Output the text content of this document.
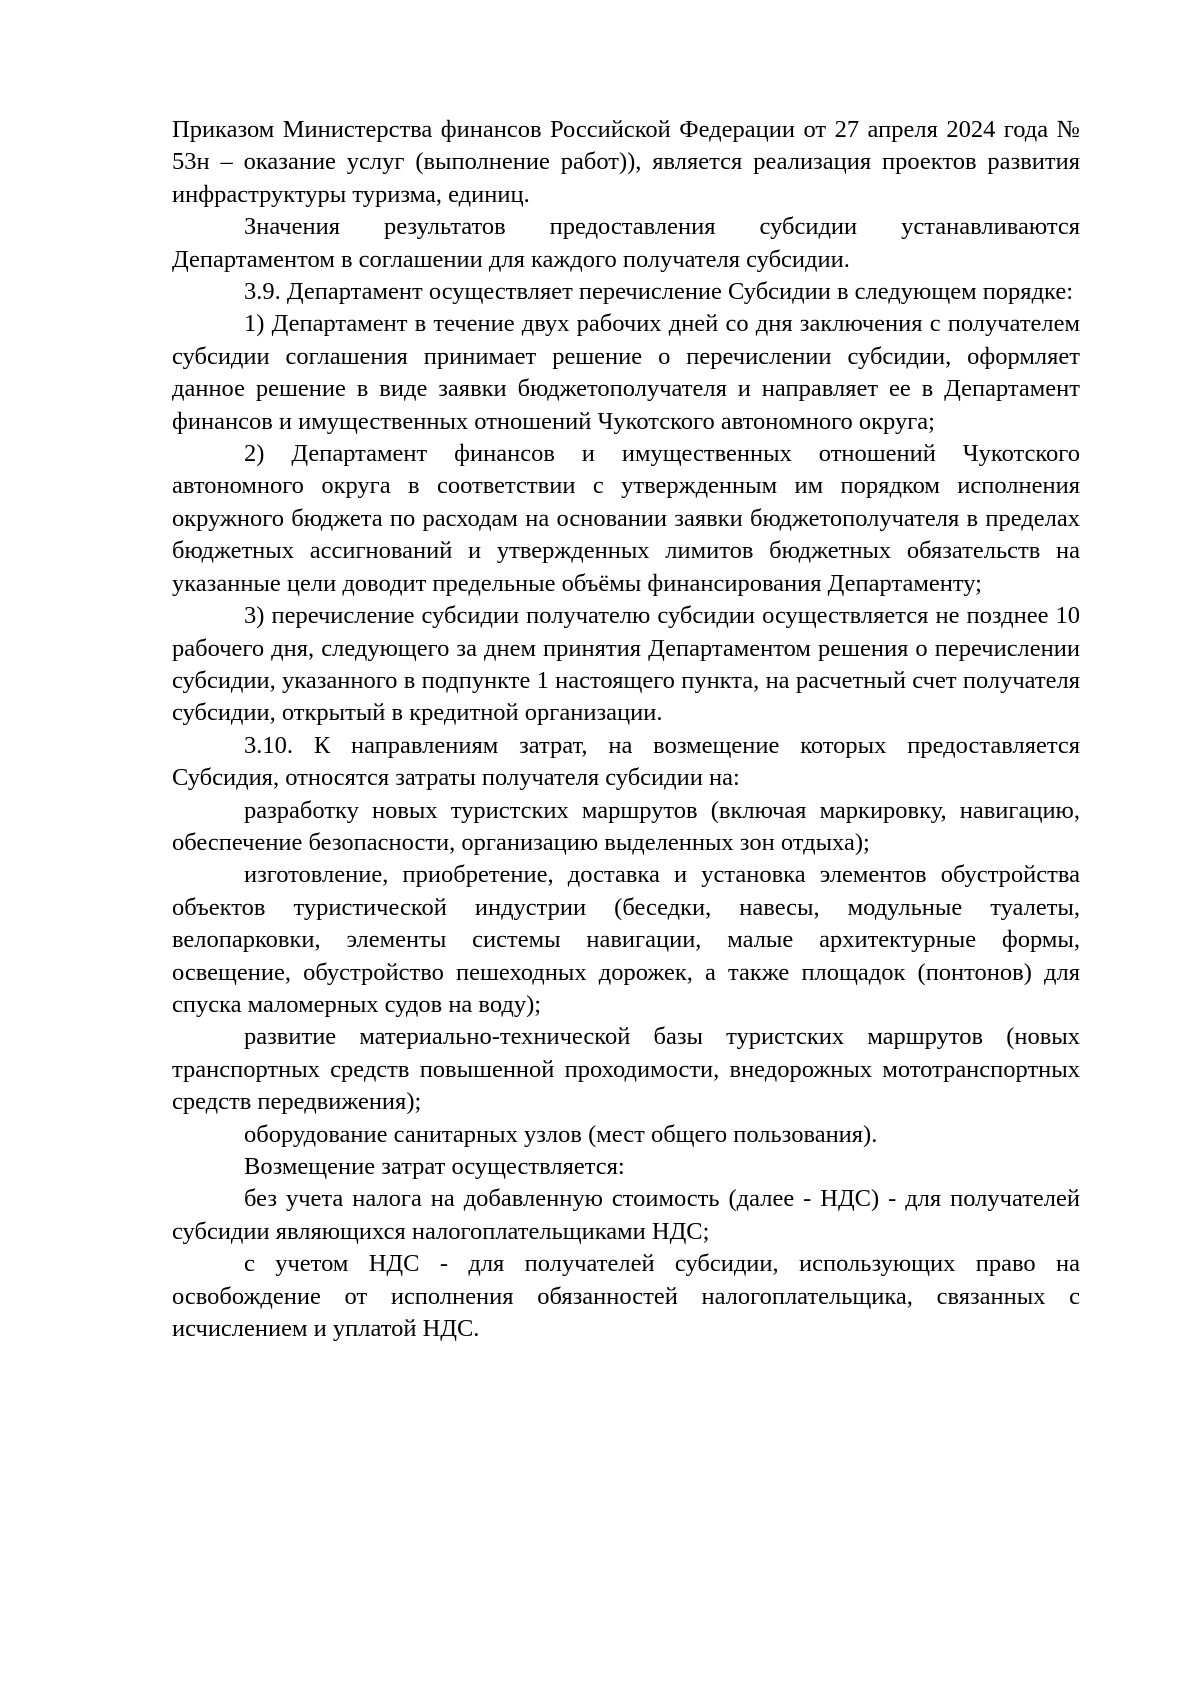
Приказом Министерства финансов Российской Федерации от 27 апреля 2024 года № 53н – оказание услуг (выполнение работ)), является реализация проектов развития инфраструктуры туризма, единиц.

Значения результатов предоставления субсидии устанавливаются Департаментом в соглашении для каждого получателя субсидии.

3.9. Департамент осуществляет перечисление Субсидии в следующем порядке:

1) Департамент в течение двух рабочих дней со дня заключения с получателем субсидии соглашения принимает решение о перечислении субсидии, оформляет данное решение в виде заявки бюджетополучателя и направляет ее в Департамент финансов и имущественных отношений Чукотского автономного округа;

2) Департамент финансов и имущественных отношений Чукотского автономного округа в соответствии с утвержденным им порядком исполнения окружного бюджета по расходам на основании заявки бюджетополучателя в пределах бюджетных ассигнований и утвержденных лимитов бюджетных обязательств на указанные цели доводит предельные объёмы финансирования Департаменту;

3) перечисление субсидии получателю субсидии осуществляется не позднее 10 рабочего дня, следующего за днем принятия Департаментом решения о перечислении субсидии, указанного в подпункте 1 настоящего пункта, на расчетный счет получателя субсидии, открытый в кредитной организации.

3.10. К направлениям затрат, на возмещение которых предоставляется Субсидия, относятся затраты получателя субсидии на:

разработку новых туристских маршрутов (включая маркировку, навигацию, обеспечение безопасности, организацию выделенных зон отдыха);

изготовление, приобретение, доставка и установка элементов обустройства объектов туристической индустрии (беседки, навесы, модульные туалеты, велопарковки, элементы системы навигации, малые архитектурные формы, освещение, обустройство пешеходных дорожек, а также площадок (понтонов) для спуска маломерных судов на воду);

развитие материально-технической базы туристских маршрутов (новых транспортных средств повышенной проходимости, внедорожных мототранспортных средств передвижения);

оборудование санитарных узлов (мест общего пользования).

Возмещение затрат осуществляется:

без учета налога на добавленную стоимость (далее - НДС) - для получателей субсидии являющихся налогоплательщиками НДС;

с учетом НДС - для получателей субсидии, использующих право на освобождение от исполнения обязанностей налогоплательщика, связанных с исчислением и уплатой НДС.
